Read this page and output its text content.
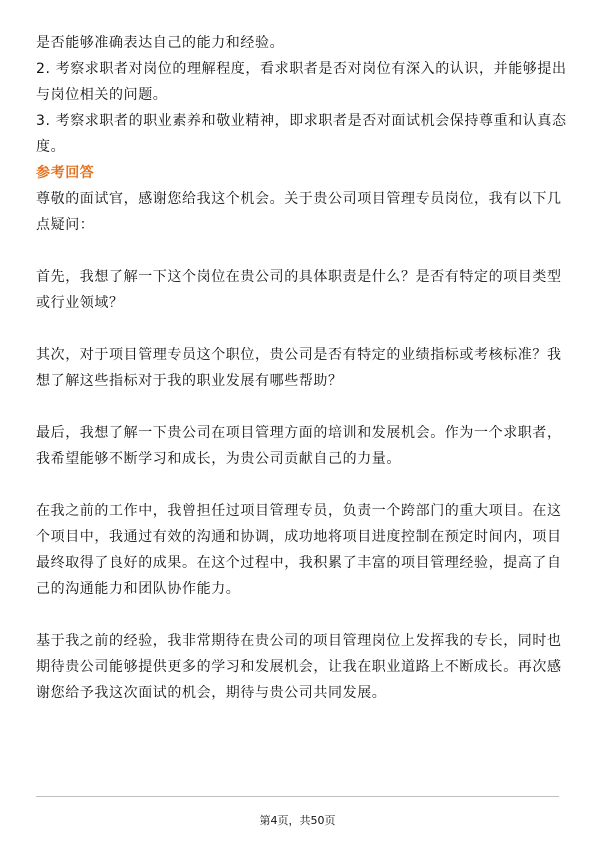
是否能够准确表达自己的能力和经验。
2. 考察求职者对岗位的理解程度，看求职者是否对岗位有深入的认识，并能够提出
与岗位相关的问题。
3. 考察求职者的职业素养和敬业精神，即求职者是否对面试机会保持尊重和认真态
度。
参考回答
尊敬的面试官，感谢您给我这个机会。关于贵公司项目管理专员岗位，我有以下几
点疑问：
首先，我想了解一下这个岗位在贵公司的具体职责是什么？是否有特定的项目类型
或行业领域？
其次，对于项目管理专员这个职位，贵公司是否有特定的业绩指标或考核标准？我
想了解这些指标对于我的职业发展有哪些帮助？
最后，我想了解一下贵公司在项目管理方面的培训和发展机会。作为一个求职者，
我希望能够不断学习和成长，为贵公司贡献自己的力量。
在我之前的工作中，我曾担任过项目管理专员，负责一个跨部门的重大项目。在这
个项目中，我通过有效的沟通和协调，成功地将项目进度控制在预定时间内，项目
最终取得了良好的成果。在这个过程中，我积累了丰富的项目管理经验，提高了自
己的沟通能力和团队协作能力。
基于我之前的经验，我非常期待在贵公司的项目管理岗位上发挥我的专长，同时也
期待贵公司能够提供更多的学习和发展机会，让我在职业道路上不断成长。再次感
谢您给予我这次面试的机会，期待与贵公司共同发展。
第4页，共50页
